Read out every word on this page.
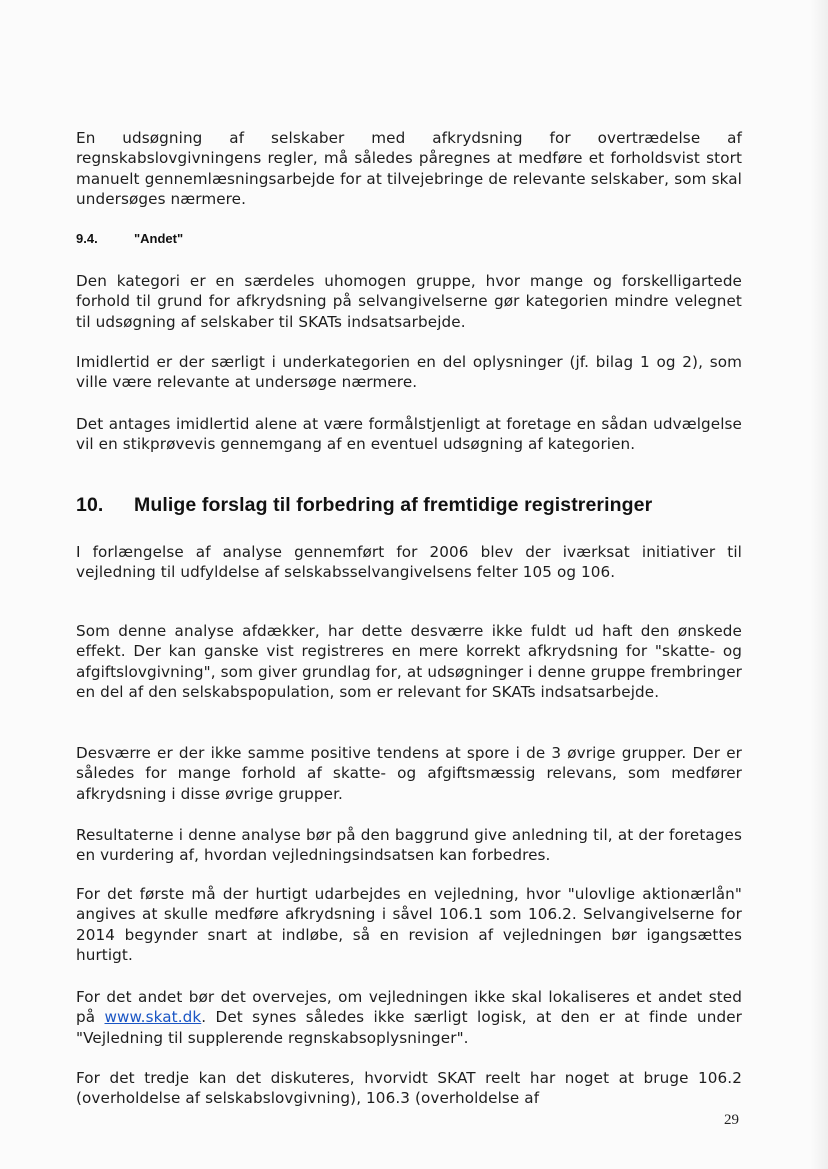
En udsøgning af selskaber med afkrydsning for overtrædelse af regnskabslovgivningens regler, må således påregnes at medføre et forholdsvist stort manuelt gennemlæsningsarbejde for at tilvejebringe de relevante selskaber, som skal undersøges nærmere.

9.4.	"Andet"

Den kategori er en særdeles uhomogen gruppe, hvor mange og forskelligartede forhold til grund for afkrydsning på selvangivelserne gør kategorien mindre velegnet til udsøgning af selskaber til SKATs indsatsarbejde.

Imidlertid er der særligt i underkategorien en del oplysninger (jf. bilag 1 og 2), som ville være relevante at undersøge nærmere.

Det antages imidlertid alene at være formålstjenligt at foretage en sådan udvælgelse vil en stikprøvevis gennemgang af en eventuel udsøgning af kategorien.

10. Mulige forslag til forbedring af fremtidige registreringer

I forlængelse af analyse gennemført for 2006 blev der iværksat initiativer til vejledning til udfyldelse af selskabsselvangivelsens felter 105 og 106.

Som denne analyse afdækker, har dette desværre ikke fuldt ud haft den ønskede effekt. Der kan ganske vist registreres en mere korrekt afkrydsning for "skatte- og afgiftslovgivning", som giver grundlag for, at udsøgninger i denne gruppe frembringer en del af den selskabspopulation, som er relevant for SKATs indsatsarbejde.

Desværre er der ikke samme positive tendens at spore i de 3 øvrige grupper. Der er således for mange forhold af skatte- og afgiftsmæssig relevans, som medfører afkrydsning i disse øvrige grupper.

Resultaterne i denne analyse bør på den baggrund give anledning til, at der foretages en vurdering af, hvordan vejledningsindsatsen kan forbedres.

For det første må der hurtigt udarbejdes en vejledning, hvor "ulovlige aktionærlån" angives at skulle medføre afkrydsning i såvel 106.1 som 106.2. Selvangivelserne for 2014 begynder snart at indløbe, så en revision af vejledningen bør igangsættes hurtigt.

For det andet bør det overvejes, om vejledningen ikke skal lokaliseres et andet sted på www.skat.dk. Det synes således ikke særligt logisk, at den er at finde under "Vejledning til supplerende regnskabsoplysninger".

For det tredje kan det diskuteres, hvorvidt SKAT reelt har noget at bruge 106.2 (overholdelse af selskabslovgivning), 106.3 (overholdelse af

29
